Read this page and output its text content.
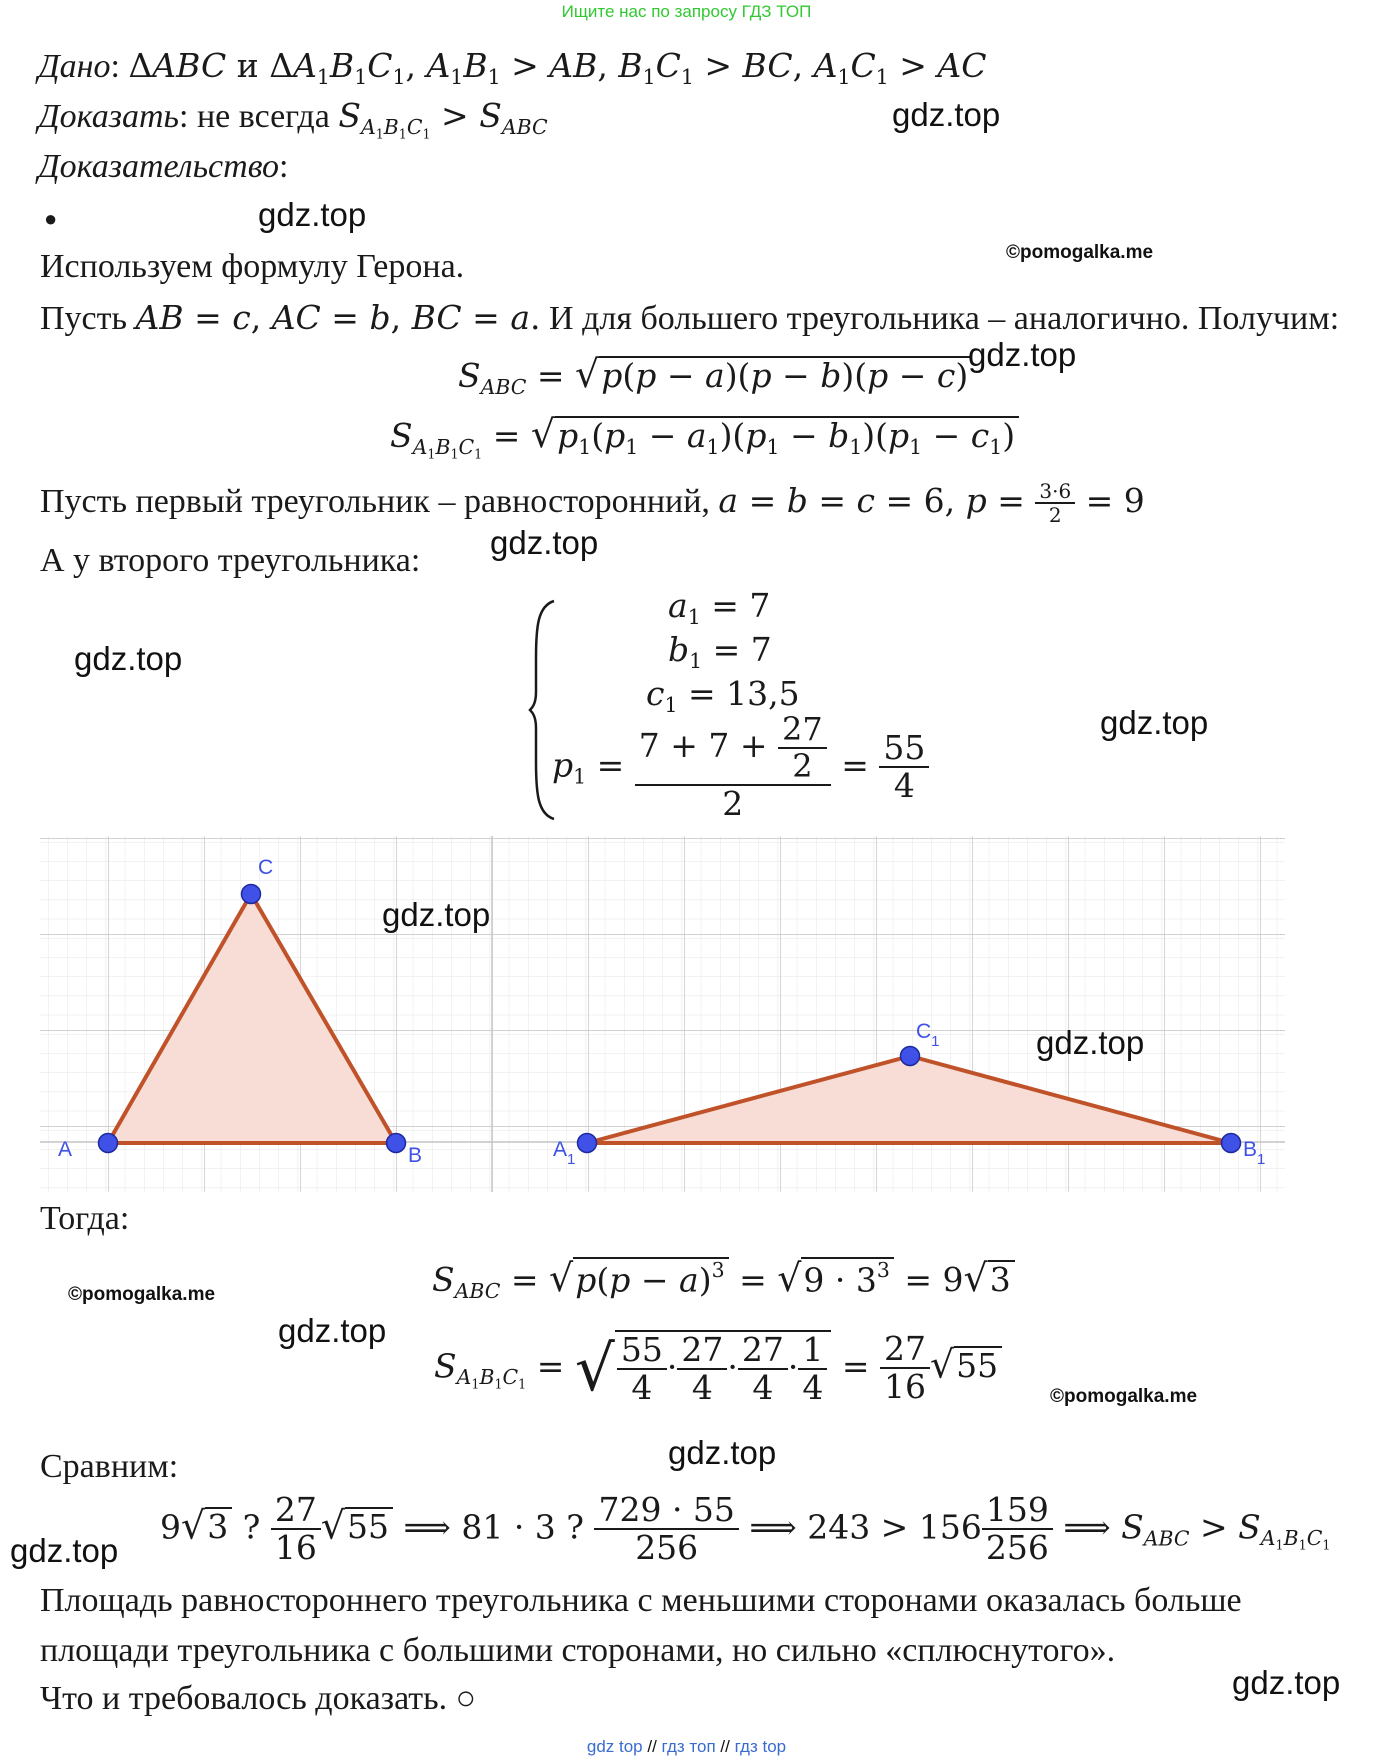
Ищите нас по запросу ГДЗ ТОП
Дано: ΔABC и $\Delta A_1B_1C_1$, $A_1B_1$ > AB, $B_1C_1$ > BC, $A_1C_1$ > AC
Доказать: не всегда $S_{A_1B_1C_1} > S_{ABC}$
Доказательство:
●
Используем формулу Герона.
Пусть AB = c, AC = b, BC = a. И для большего треугольника – аналогично. Получим:
$S_{ABC} = √p(p - a)(p - b)(p - c)$
$S_{A_1B_1C_1} = √p_1(p_1 - a_1)(p_1 - b_1)(p_1 - c_1)$
Пусть первый треугольник – равносторонний, a = b = c = 6, $p = \frac{3\cdot 6}{2} = 9$
А у второго треугольника:
$a_1 = 7$
$b_1 = 7$
$c_1 = 13,5$
$p_1 = \frac{7 + 7 + \frac{27}{2}}{2} = \frac{55}{4}$
A	B
C
$A_1$	$B_1$
$C_1$
Тогда:
$S_{ABC} = √p(p - a)^3 = √9 \cdot 3^3 = 9√3$
$S_{A_1B_1C_1}$ = √ $\frac{55}{4} \cdot \frac{27}{4} \cdot \frac{27}{4} \cdot \frac{1}{4} = \frac{27}{16} √55$
Сравним:
9√3 ? $\frac{27}{16} √55$ ⟹ 81 · 3 ? $\frac{729 \cdot 55}{256}$ ⟹ $243 > 156 \frac{159}{256}$ ⟹ $S_{ABC} > S_{A_1B_1C_1}$
Площадь равностороннего треугольника с меньшими сторонами оказалась больше
площади треугольника с большими сторонами, но сильно «сплюснутого».
Что и требовалось доказать. ○
gdz.top
gdz.top
©pomogalka.me
gdz.top
gdz.top
gdz.top
gdz.top
gdz.top
gdz.top
©pomogalka.me
gdz.top
©pomogalka.me
gdz.top
gdz.top
gdz.top
gdz top // гдз топ // гдз top
